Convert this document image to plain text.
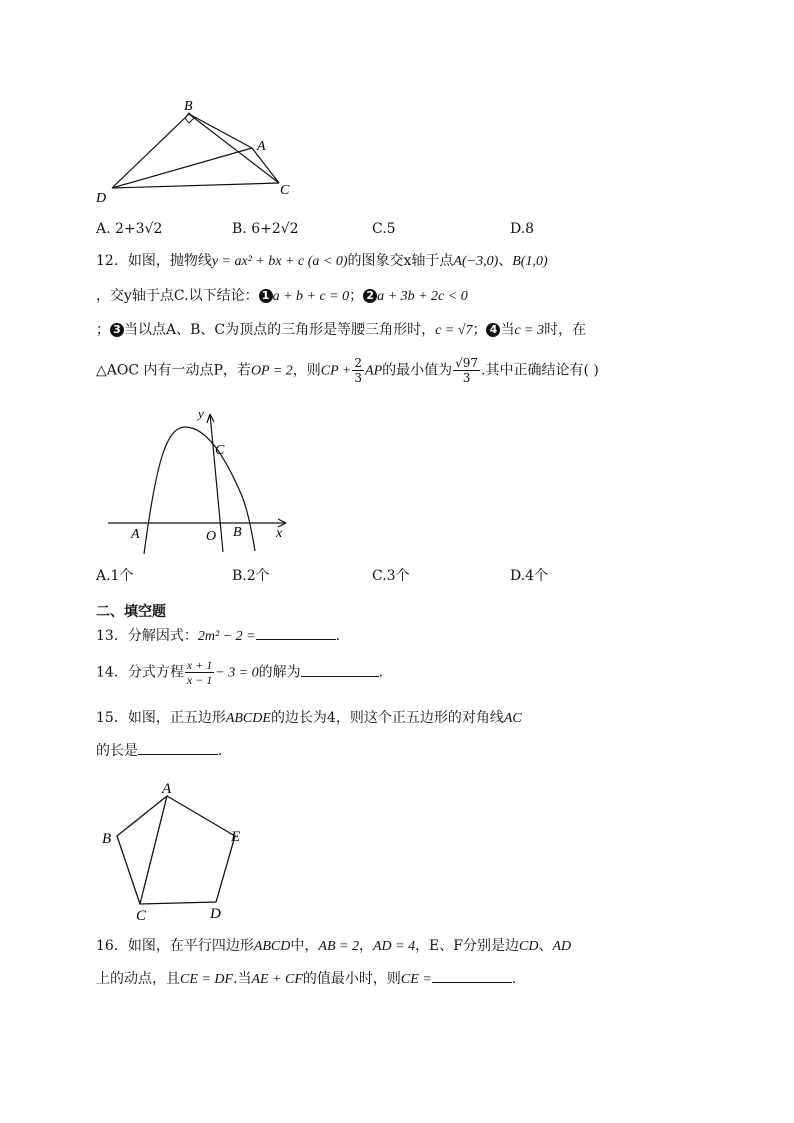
B
A
D
C
A. 2+3√2	B. 6+2√2	C.5	D.8
12．如图，抛物线y = ax² + bx + c (a < 0)的图象交x轴于点A(−3,0)、B(1,0)
，交y轴于点C.以下结论： 1 a + b + c = 0； 2 a + 3b + 2c < 0
； 3 当以点A、B、C为顶点的三角形是等腰三角形时，c = √7； 4 当c = 3时，在
△AOC 内有一动点P，若OP = 2，则CP + $\frac{2}{3}$ AP的最小值为 $\frac{√97}{3}$ .其中正确结论有( )
y
C
A	O B x
A.1个	B.2个	C.3个	D.4个
二、填空题
13．分解因式：2m² − 2 =	.
14．分式方程 $\frac{x + 1}{x - 1} - 3 = 0$的解为	.
15．如图，正五边形ABCDE的边长为4，则这个正五边形的对角线AC
的长是	.
A
B	E
C	D
16．如图，在平行四边形ABCD中，AB = 2，AD = 4，E、F分别是边CD、AD
上的动点，且CE = DF.当AE + CF的值最小时，则CE =	.
